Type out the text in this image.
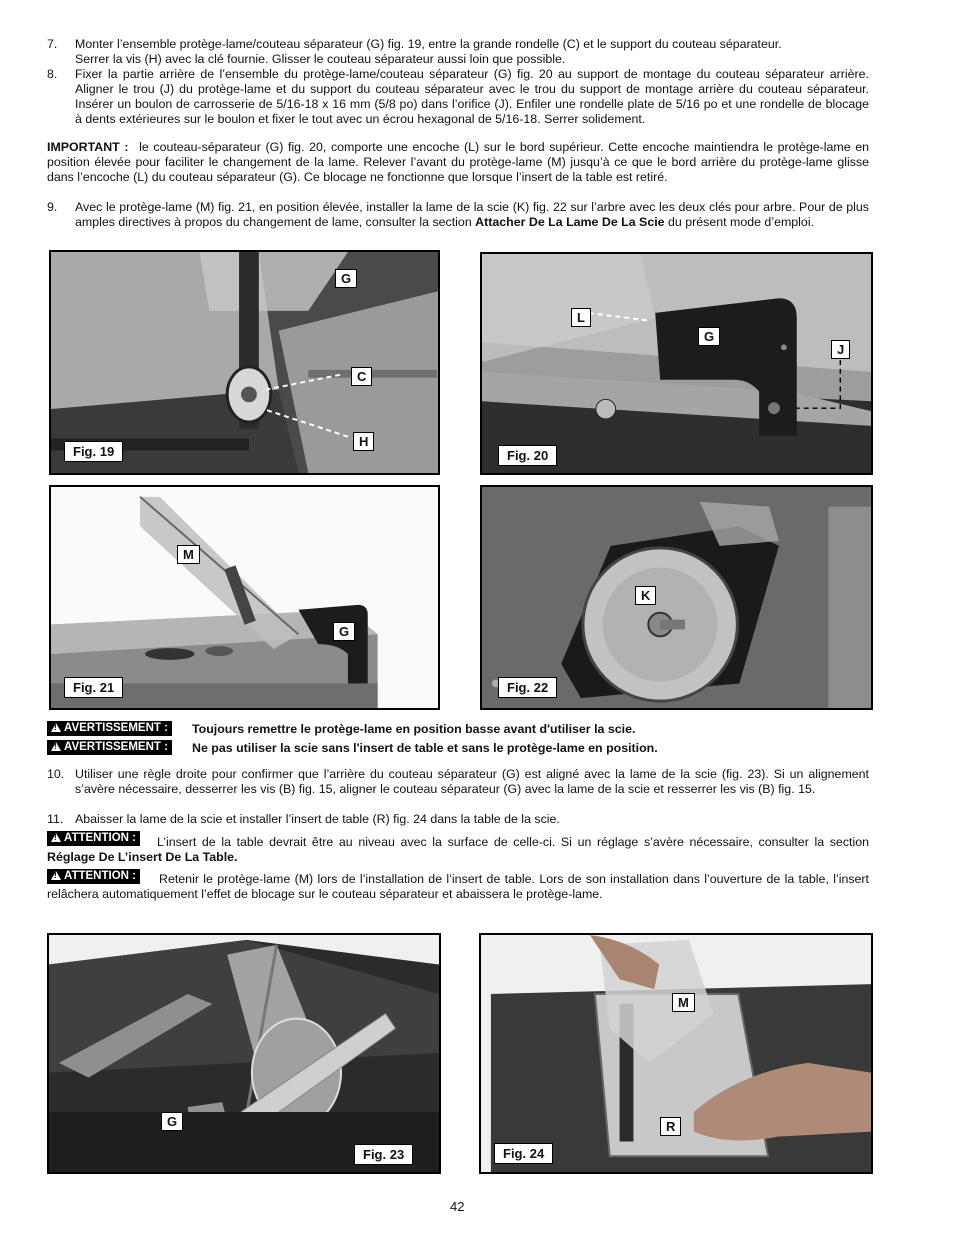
7.	Monter l’ensemble protège-lame/couteau séparateur (G) fig. 19, entre la grande rondelle (C) et le support du couteau séparateur.
Serrer la vis (H) avec la clé fournie. Glisser le couteau séparateur aussi loin que possible.
8.	Fixer la partie arrière de l’ensemble du protège-lame/couteau séparateur (G) fig. 20 au support de montage du couteau séparateur arrière. Aligner le trou (J) du protège-lame et du support du couteau séparateur avec le trou du support de montage arrière du couteau séparateur. Insérer un boulon de carrosserie de 5/16-18 x 16 mm (5/8 po) dans l’orifice (J). Enfiler une rondelle plate de 5/16 po et une rondelle de blocage à dents extérieures sur le boulon et fixer le tout avec un écrou hexagonal de 5/16-18. Serrer solidement.
IMPORTANT : le couteau-séparateur (G) fig. 20, comporte une encoche (L) sur le bord supérieur. Cette encoche maintiendra le protège-lame en position élevée pour faciliter le changement de la lame. Relever l’avant du protège-lame (M) jusqu’à ce que le bord arrière du protège-lame glisse dans l’encoche (L) du couteau séparateur (G). Ce blocage ne fonctionne que lorsque l’insert de la table est retiré.
9.	Avec le protège-lame (M) fig. 21, en position élevée, installer la lame de la scie (K) fig. 22 sur l’arbre avec les deux clés pour arbre. Pour de plus amples directives à propos du changement de lame, consulter la section Attacher De La Lame De La Scie du présent mode d’emploi.
G
C
H
Fig. 19
L
G
J
Fig. 20
M
G
Fig. 21
K
Fig. 22
!AVERTISSEMENT :	Toujours remettre le protège-lame en position basse avant d'utiliser la scie.
!AVERTISSEMENT :	Ne pas utiliser la scie sans l'insert de table et sans le protège-lame en position.
10. Utiliser une règle droite pour confirmer que l’arrière du couteau séparateur (G) est aligné avec la lame de la scie (fig. 23). Si un alignement s’avère nécessaire, desserrer les vis (B) fig. 15, aligner le couteau séparateur (G) avec la lame de la scie et resserrer les vis (B) fig. 15.
11. Abaisser la lame de la scie et installer l’insert de table (R) fig. 24 dans la table de la scie.
!ATTENTION :	L’insert de la table devrait être au niveau avec la surface de celle-ci. Si un réglage s’avère nécessaire, consulter la section Réglage De L’insert De La Table.
!ATTENTION :	Retenir le protège-lame (M) lors de l’installation de l’insert de table. Lors de son installation dans l’ouverture de la table, l’insert relâchera automatiquement l’effet de blocage sur le couteau séparateur et abaissera le protège-lame.
G
Fig. 23
M
R
Fig. 24
42
